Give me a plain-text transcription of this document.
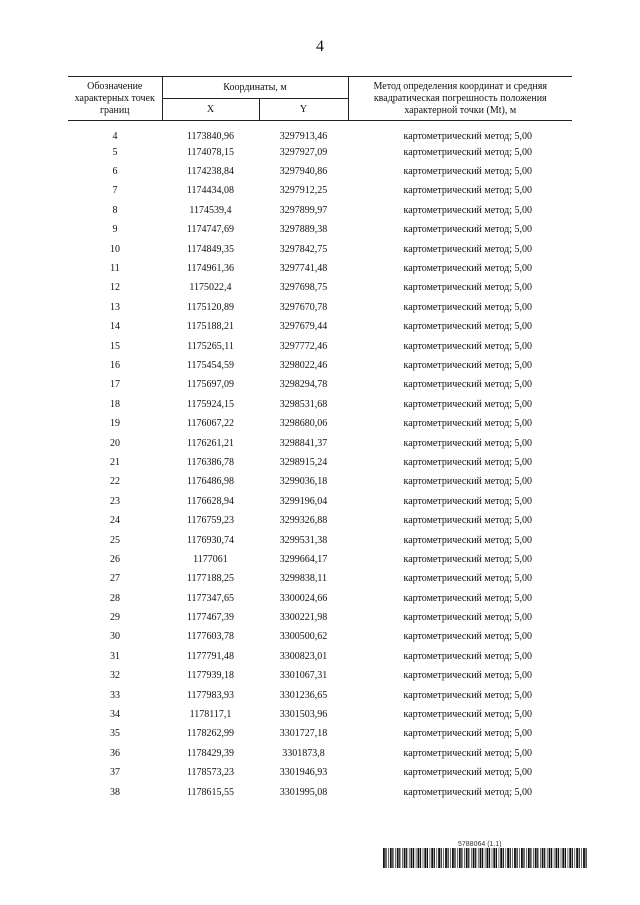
4
Обозначение характерных точек границ	Координаты, м		Метод определения координат и средняя квадратическая погрешность положения характерной точки (Mt), м
	X	Y	
4	1173840,96	3297913,46	картометрический метод; 5,00
5	1174078,15	3297927,09	картометрический метод; 5,00
6	1174238,84	3297940,86	картометрический метод; 5,00
7	1174434,08	3297912,25	картометрический метод; 5,00
8	1174539,4	3297899,97	картометрический метод; 5,00
9	1174747,69	3297889,38	картометрический метод; 5,00
10	1174849,35	3297842,75	картометрический метод; 5,00
11	1174961,36	3297741,48	картометрический метод; 5,00
12	1175022,4	3297698,75	картометрический метод; 5,00
13	1175120,89	3297670,78	картометрический метод; 5,00
14	1175188,21	3297679,44	картометрический метод; 5,00
15	1175265,11	3297772,46	картометрический метод; 5,00
16	1175454,59	3298022,46	картометрический метод; 5,00
17	1175697,09	3298294,78	картометрический метод; 5,00
18	1175924,15	3298531,68	картометрический метод; 5,00
19	1176067,22	3298680,06	картометрический метод; 5,00
20	1176261,21	3298841,37	картометрический метод; 5,00
21	1176386,78	3298915,24	картометрический метод; 5,00
22	1176486,98	3299036,18	картометрический метод; 5,00
23	1176628,94	3299196,04	картометрический метод; 5,00
24	1176759,23	3299326,88	картометрический метод; 5,00
25	1176930,74	3299531,38	картометрический метод; 5,00
26	1177061	3299664,17	картометрический метод; 5,00
27	1177188,25	3299838,11	картометрический метод; 5,00
28	1177347,65	3300024,66	картометрический метод; 5,00
29	1177467,39	3300221,98	картометрический метод; 5,00
30	1177603,78	3300500,62	картометрический метод; 5,00
31	1177791,48	3300823,01	картометрический метод; 5,00
32	1177939,18	3301067,31	картометрический метод; 5,00
33	1177983,93	3301236,65	картометрический метод; 5,00
34	1178117,1	3301503,96	картометрический метод; 5,00
35	1178262,99	3301727,18	картометрический метод; 5,00
36	1178429,39	3301873,8	картометрический метод; 5,00
37	1178573,23	3301946,93	картометрический метод; 5,00
38	1178615,55	3301995,08	картометрический метод; 5,00
5788064 (1.1)
